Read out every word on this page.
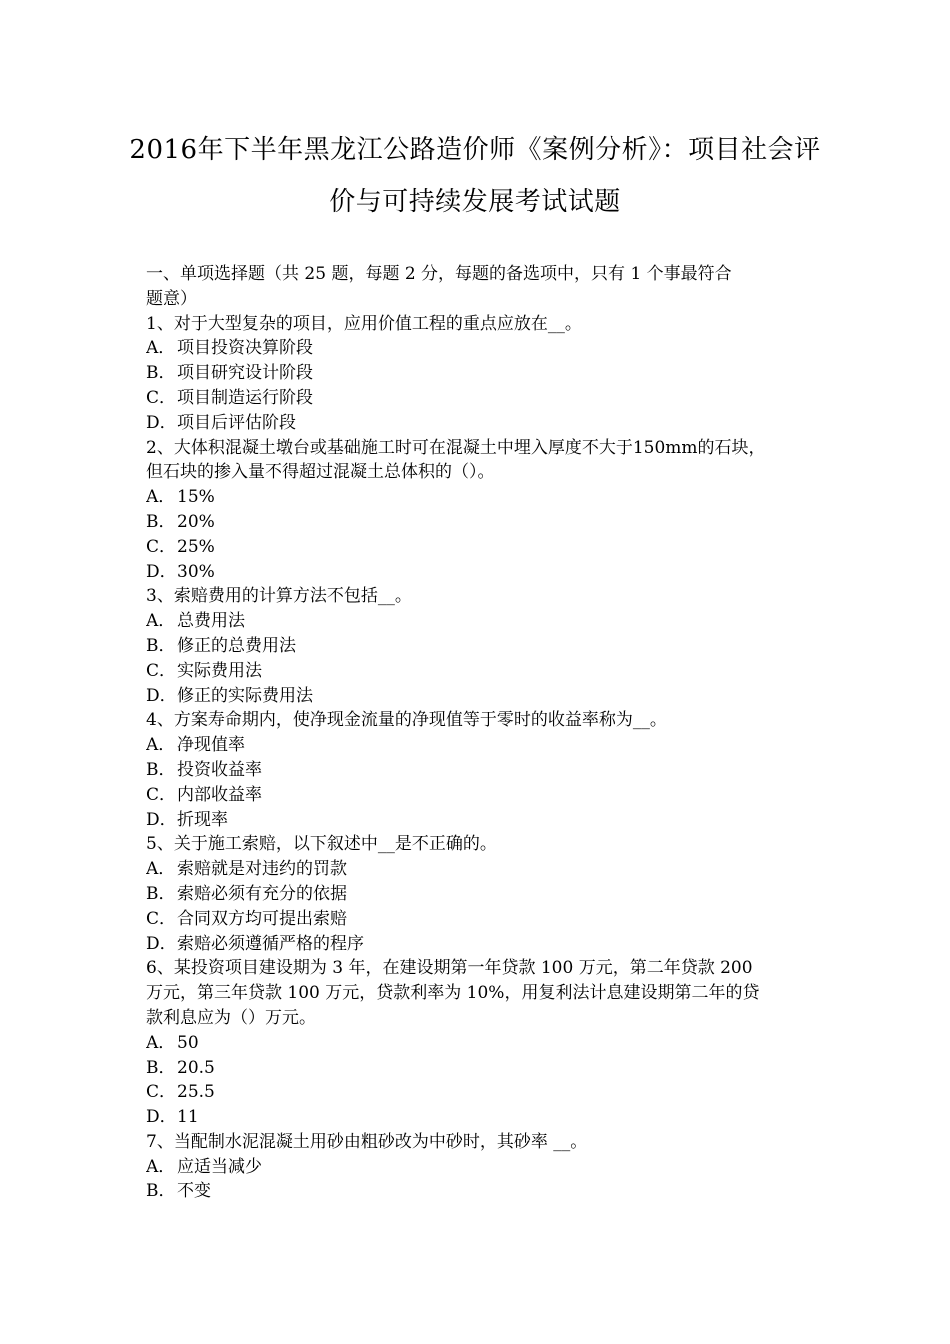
2016年下半年黑龙江公路造价师《案例分析》：项目社会评
价与可持续发展考试试题
一、单项选择题（共 25 题，每题 2 分，每题的备选项中，只有 1 个事最符合
题意）
1、对于大型复杂的项目，应用价值工程的重点应放在__。
A． 项目投资决算阶段
B．项目研究设计阶段
C．项目制造运行阶段
D．项目后评估阶段
2、大体积混凝土墩台或基础施工时可在混凝土中埋入厚度不大于150mm的石块，
但石块的掺入量不得超过混凝土总体积的（）。
A． 15%
B．20%
C．25%
D．30%
3、索赔费用的计算方法不包括__。
A． 总费用法
B．修正的总费用法
C．实际费用法
D．修正的实际费用法
4、方案寿命期内，使净现金流量的净现值等于零时的收益率称为__。
A． 净现值率
B．投资收益率
C．内部收益率
D．折现率
5、关于施工索赔，以下叙述中__是不正确的。
A． 索赔就是对违约的罚款
B．索赔必须有充分的依据
C．合同双方均可提出索赔
D．索赔必须遵循严格的程序
6、某投资项目建设期为 3 年，在建设期第一年贷款 100 万元，第二年贷款 200
万元，第三年贷款 100 万元，贷款利率为 10%，用复利法计息建设期第二年的贷
款利息应为（）万元。
A． 50
B．20.5
C．25.5
D．11
7、当配制水泥混凝土用砂由粗砂改为中砂时，其砂率 __。
A． 应适当减少
B．不变
